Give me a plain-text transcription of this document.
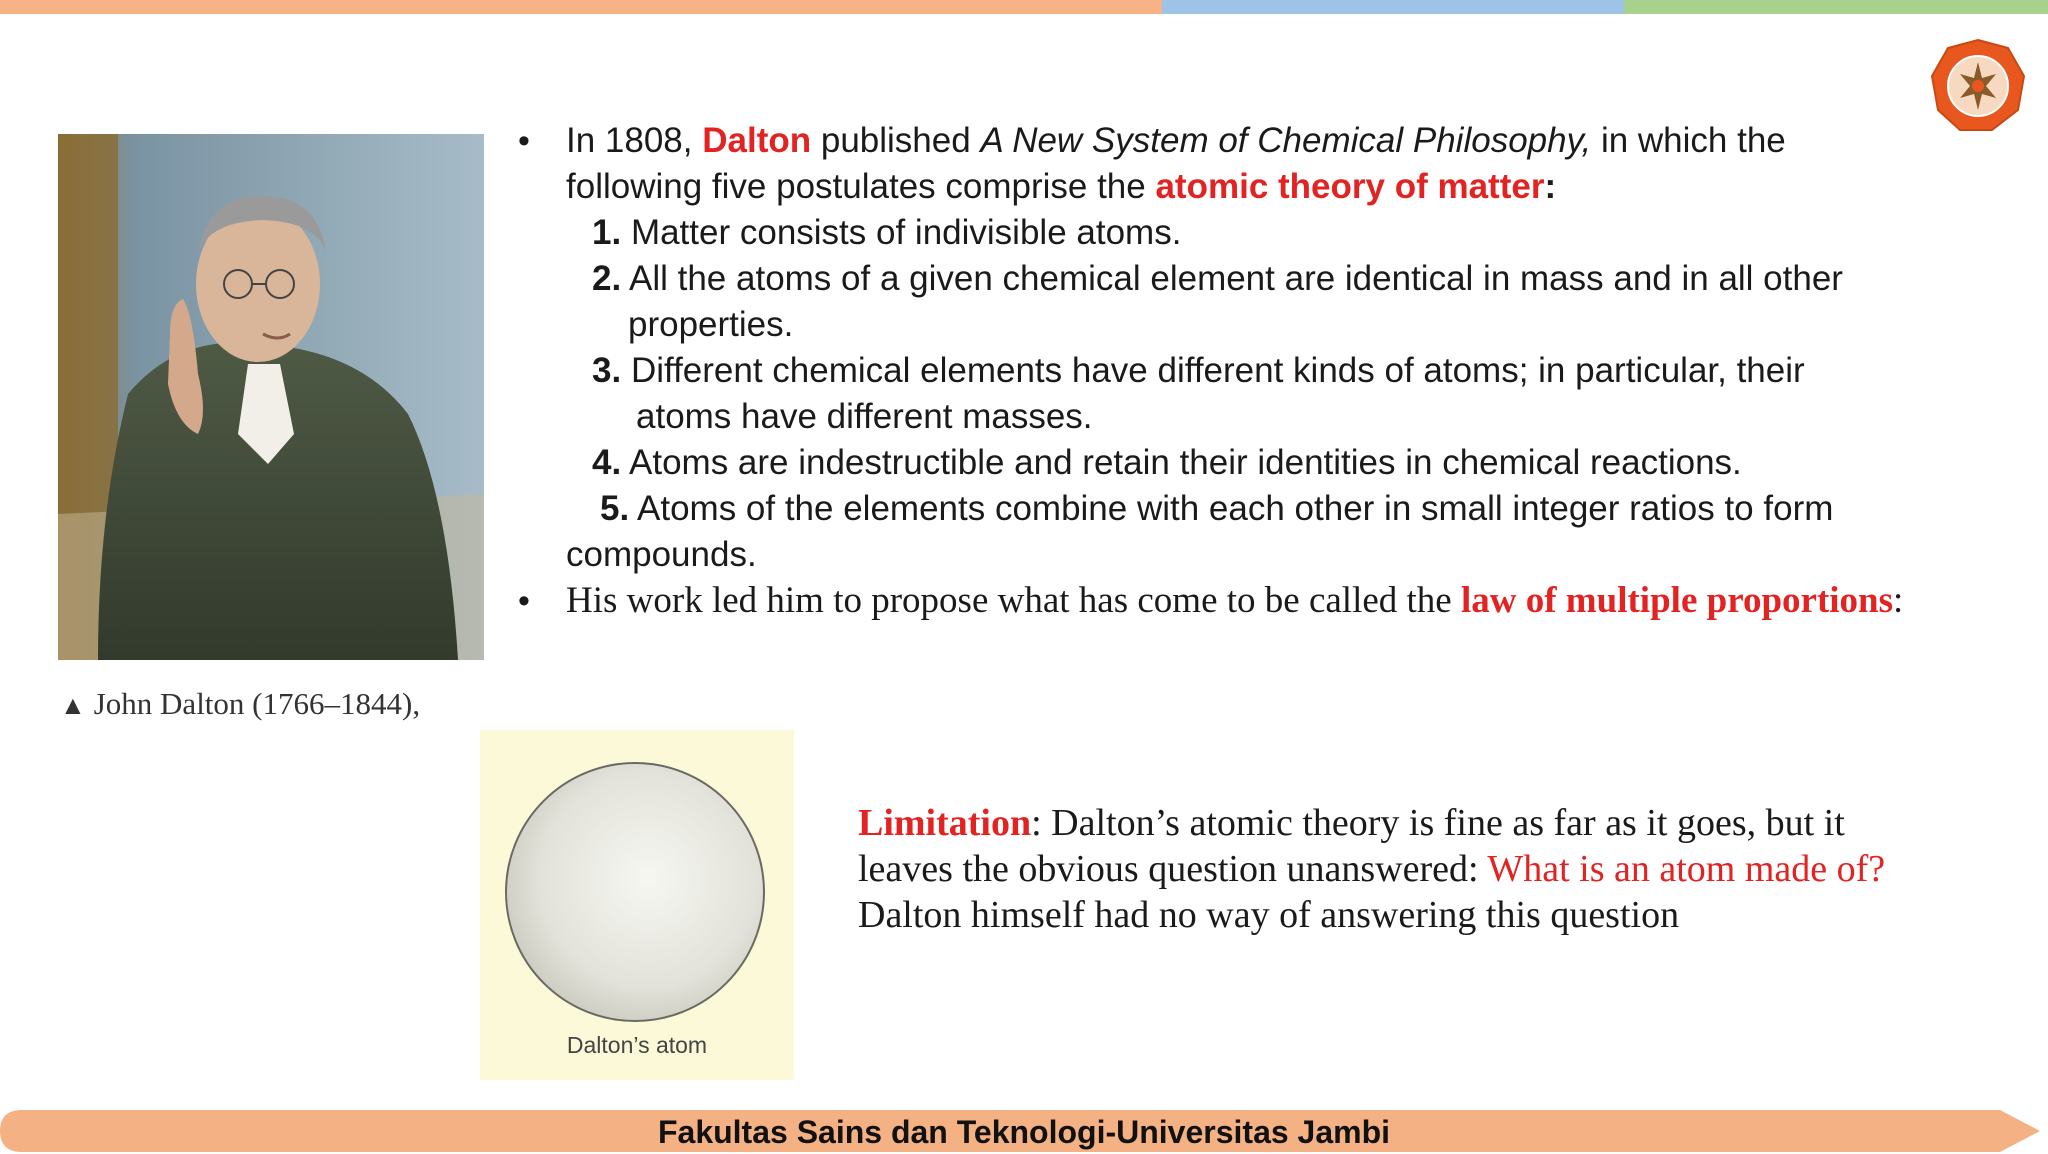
▲ John Dalton (1766–1844),
• In 1808, Dalton published A New System of Chemical Philosophy, in which the following five postulates comprise the atomic theory of matter:
1. Matter consists of indivisible atoms.
2. All the atoms of a given chemical element are identical in mass and in all other
properties.
3. Different chemical elements have different kinds of atoms; in particular, their
atoms have different masses.
4. Atoms are indestructible and retain their identities in chemical reactions.
5. Atoms of the elements combine with each other in small integer ratios to form
compounds.
• His work led him to propose what has come to be called the law of multiple proportions:
Dalton’s atom
Limitation: Dalton’s atomic theory is fine as far as it goes, but it leaves the obvious question unanswered: What is an atom made of? Dalton himself had no way of answering this question
Fakultas Sains dan Teknologi-Universitas Jambi
